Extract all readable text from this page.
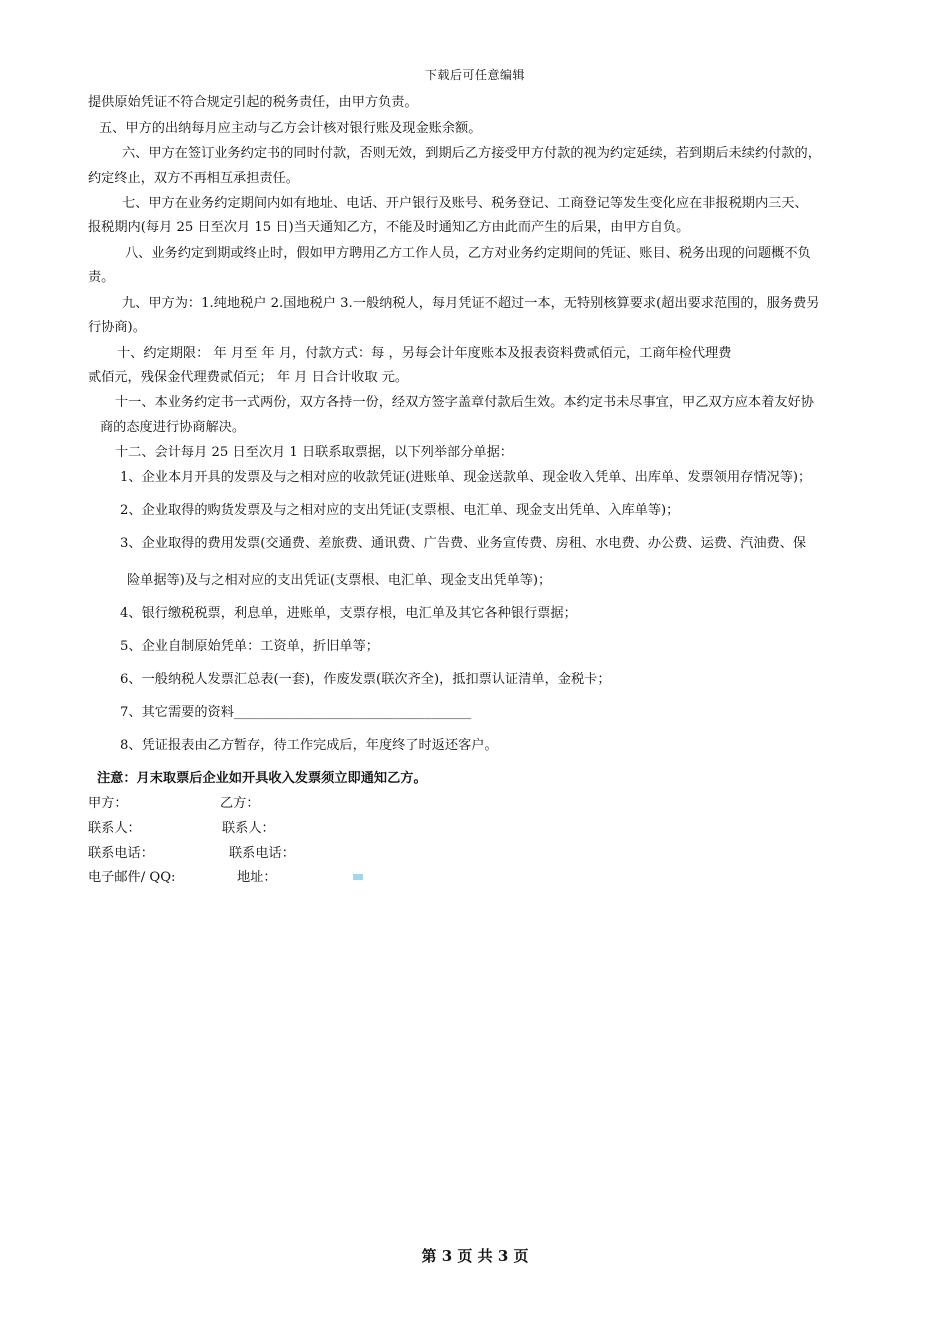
下载后可任意编辑
提供原始凭证不符合规定引起的税务责任，由甲方负责。
五、甲方的出纳每月应主动与乙方会计核对银行账及现金账余额。
六、甲方在签订业务约定书的同时付款，否则无效，到期后乙方接受甲方付款的视为约定延续，若到期后未续约付款的，
约定终止，双方不再相互承担责任。
七、甲方在业务约定期间内如有地址、电话、开户银行及账号、税务登记、工商登记等发生变化应在非报税期内三天、
报税期内(每月 25 日至次月 15 日)当天通知乙方，不能及时通知乙方由此而产生的后果，由甲方自负。
八、业务约定到期或终止时，假如甲方聘用乙方工作人员，乙方对业务约定期间的凭证、账目、税务出现的问题概不负
责。
九、甲方为：1.纯地税户 2.国地税户 3.一般纳税人，每月凭证不超过一本，无特别核算要求(超出要求范围的，服务费另
行协商)。
十、约定期限： 年 月至 年 月，付款方式：每 ，另每会计年度账本及报表资料费贰佰元，工商年检代理费
贰佰元，残保金代理费贰佰元； 年 月 日合计收取 元。
十一、本业务约定书一式两份，双方各持一份，经双方签字盖章付款后生效。本约定书未尽事宜，甲乙双方应本着友好协
商的态度进行协商解决。
十二、会计每月 25 日至次月 1 日联系取票据，以下列举部分单据：
1、企业本月开具的发票及与之相对应的收款凭证(进账单、现金送款单、现金收入凭单、出库单、发票领用存情况等)；
2、企业取得的购货发票及与之相对应的支出凭证(支票根、电汇单、现金支出凭单、入库单等)；
3、企业取得的费用发票(交通费、差旅费、通讯费、广告费、业务宣传费、房租、水电费、办公费、运费、汽油费、保
险单据等)及与之相对应的支出凭证(支票根、电汇单、现金支出凭单等)；
4、银行缴税税票，利息单，进账单，支票存根，电汇单及其它各种银行票据；
5、企业自制原始凭单：工资单，折旧单等；
6、一般纳税人发票汇总表(一套)，作废发票(联次齐全)，抵扣票认证清单，金税卡；
7、其它需要的资料____________________________________
8、凭证报表由乙方暂存，待工作完成后，年度终了时返还客户。
注意：月末取票后企业如开具收入发票须立即通知乙方。
甲方：	乙方：
联系人：	联系人：
联系电话：	联系电话：
电子邮件/ QQ:	地址：
第 3 页 共 3 页
